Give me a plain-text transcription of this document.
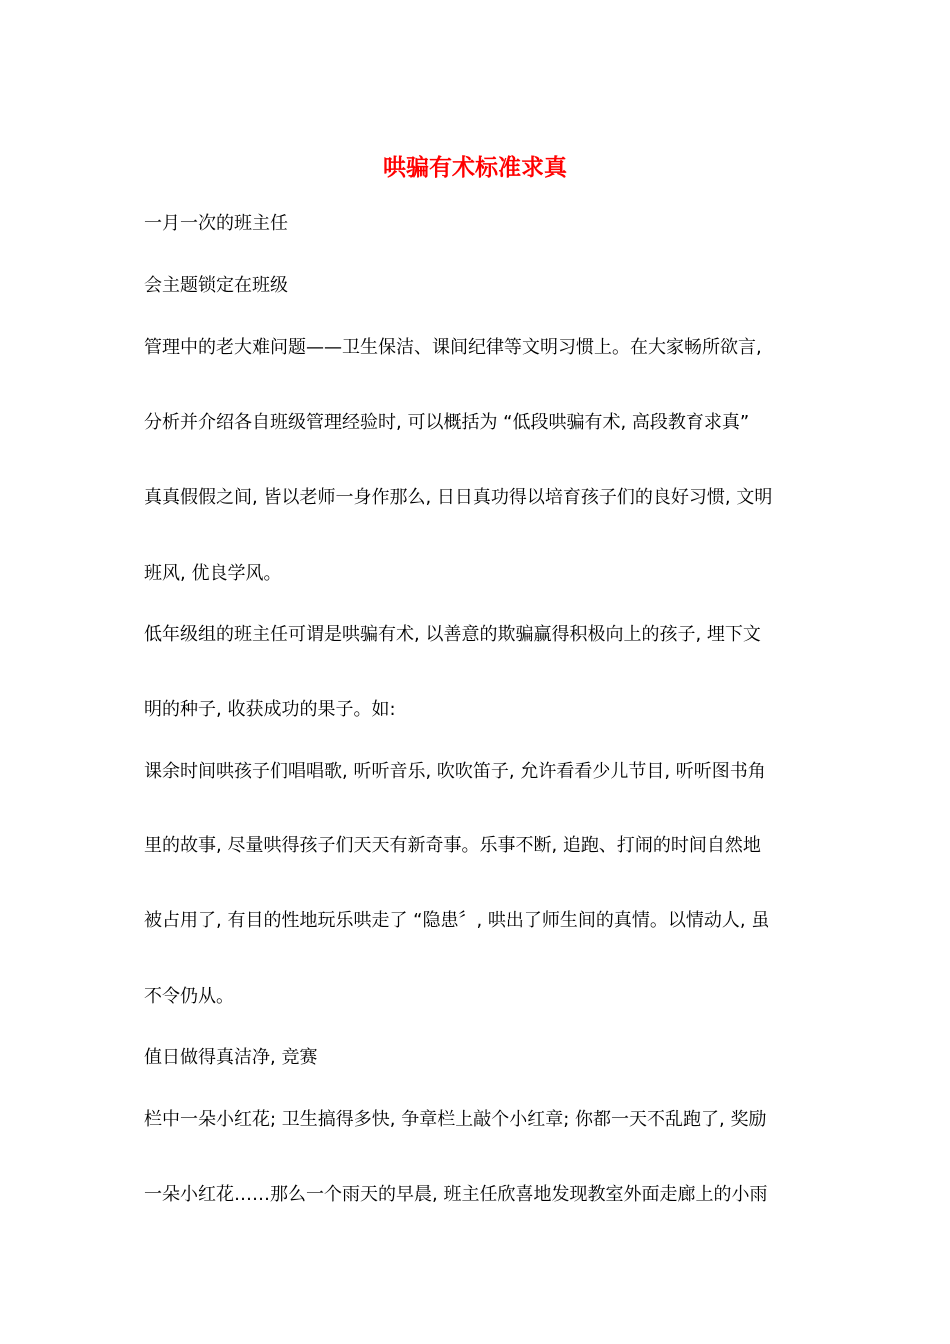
哄骗有术标准求真

一月一次的班主任

会主题锁定在班级

管理中的老大难问题——卫生保洁、课间纪律等文明习惯上。在大家畅所欲言,

分析并介绍各自班级管理经验时, 可以概括为 “低段哄骗有术, 高段教育求真”

真真假假之间, 皆以老师一身作那么, 日日真功得以培育孩子们的良好习惯, 文明

班风, 优良学风。

低年级组的班主任可谓是哄骗有术, 以善意的欺骗赢得积极向上的孩子, 埋下文

明的种子, 收获成功的果子。如:

课余时间哄孩子们唱唱歌, 听听音乐, 吹吹笛子, 允许看看少儿节目, 听听图书角

里的故事, 尽量哄得孩子们天天有新奇事。乐事不断, 追跑、打闹的时间自然地

被占用了, 有目的性地玩乐哄走了 “隐患〞, 哄出了师生间的真情。以情动人, 虽

不令仍从。

值日做得真洁净, 竞赛

栏中一朵小红花; 卫生搞得多快, 争章栏上敲个小红章; 你都一天不乱跑了, 奖励

一朵小红花……那么一个雨天的早晨, 班主任欣喜地发现教室外面走廊上的小雨
